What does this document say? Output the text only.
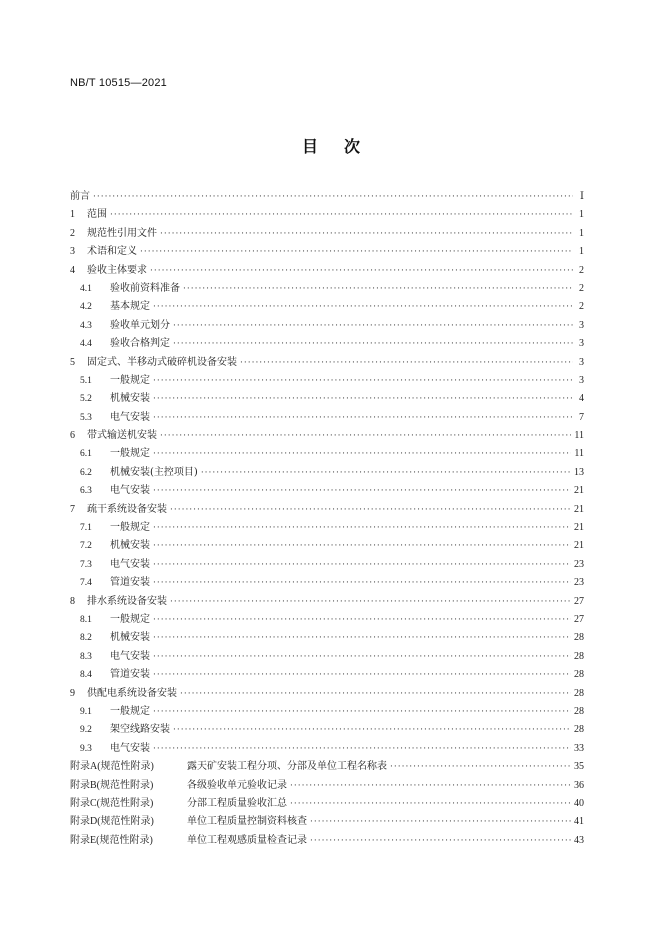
NB/T 10515—2021
目次
前言 ·····	Ⅰ
1	范围 ·····	1
2	规范性引用文件 ·····	1
3	术语和定义 ·····	1
4	验收主体要求 ·····	2
4.1	验收前资料准备 ·····	2
4.2	基本规定 ·····	2
4.3	验收单元划分 ·····	3
4.4	验收合格判定 ·····	3
5	固定式、半移动式破碎机设备安装 ·····	3
5.1	一般规定 ·····	3
5.2	机械安装 ·····	4
5.3	电气安装 ·····	7
6	带式输送机安装 ·····	11
6.1	一般规定 ·····	11
6.2	机械安装(主控项目) ·····	13
6.3	电气安装 ·····	21
7	疏干系统设备安装 ·····	21
7.1	一般规定 ·····	21
7.2	机械安装 ·····	21
7.3	电气安装 ·····	23
7.4	管道安装 ·····	23
8	排水系统设备安装 ·····	27
8.1	一般规定 ·····	27
8.2	机械安装 ·····	28
8.3	电气安装 ·····	28
8.4	管道安装 ·····	28
9	供配电系统设备安装 ·····	28
9.1	一般规定 ·····	28
9.2	架空线路安装 ·····	28
9.3	电气安装 ·····	33
附录A(规范性附录)	露天矿安装工程分项、分部及单位工程名称表 ·····	35
附录B(规范性附录)	各级验收单元验收记录 ·····	36
附录C(规范性附录)	分部工程质量验收汇总 ·····	40
附录D(规范性附录)	单位工程质量控制资料核查 ·····	41
附录E(规范性附录)	单位工程观感质量检查记录 ·····	43
